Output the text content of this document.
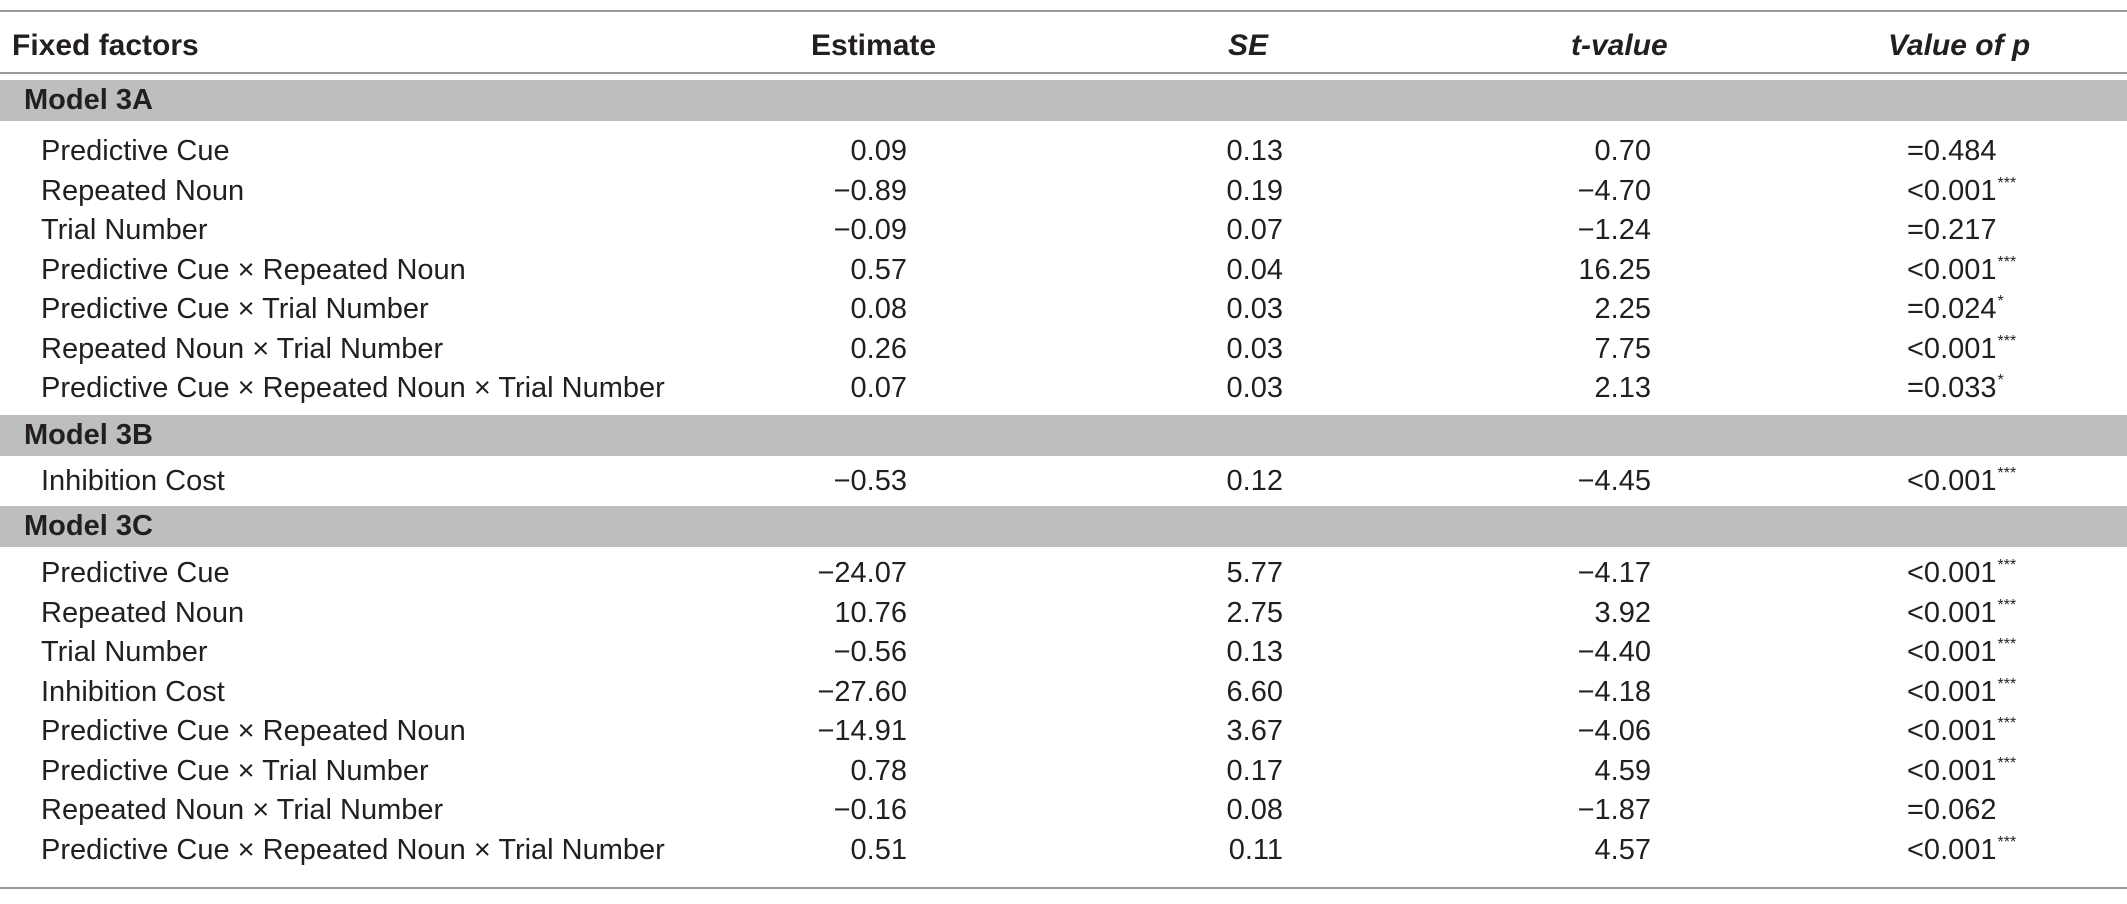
Fixed factors	Estimate	SE	t-value	Value of p
Model 3A
Predictive Cue	0.09	0.13	0.70	=0.484
Repeated Noun	−0.89	0.19	−4.70	<0.001***
Trial Number	−0.09	0.07	−1.24	=0.217
Predictive Cue × Repeated Noun	0.57	0.04	16.25	<0.001***
Predictive Cue × Trial Number	0.08	0.03	2.25	=0.024*
Repeated Noun × Trial Number	0.26	0.03	7.75	<0.001***
Predictive Cue × Repeated Noun × Trial Number	0.07	0.03	2.13	=0.033*
Model 3B
Inhibition Cost	−0.53	0.12	−4.45	<0.001***
Model 3C
Predictive Cue	−24.07	5.77	−4.17	<0.001***
Repeated Noun	10.76	2.75	3.92	<0.001***
Trial Number	−0.56	0.13	−4.40	<0.001***
Inhibition Cost	−27.60	6.60	−4.18	<0.001***
Predictive Cue × Repeated Noun	−14.91	3.67	−4.06	<0.001***
Predictive Cue × Trial Number	0.78	0.17	4.59	<0.001***
Repeated Noun × Trial Number	−0.16	0.08	−1.87	=0.062
Predictive Cue × Repeated Noun × Trial Number	0.51	0.11	4.57	<0.001***
